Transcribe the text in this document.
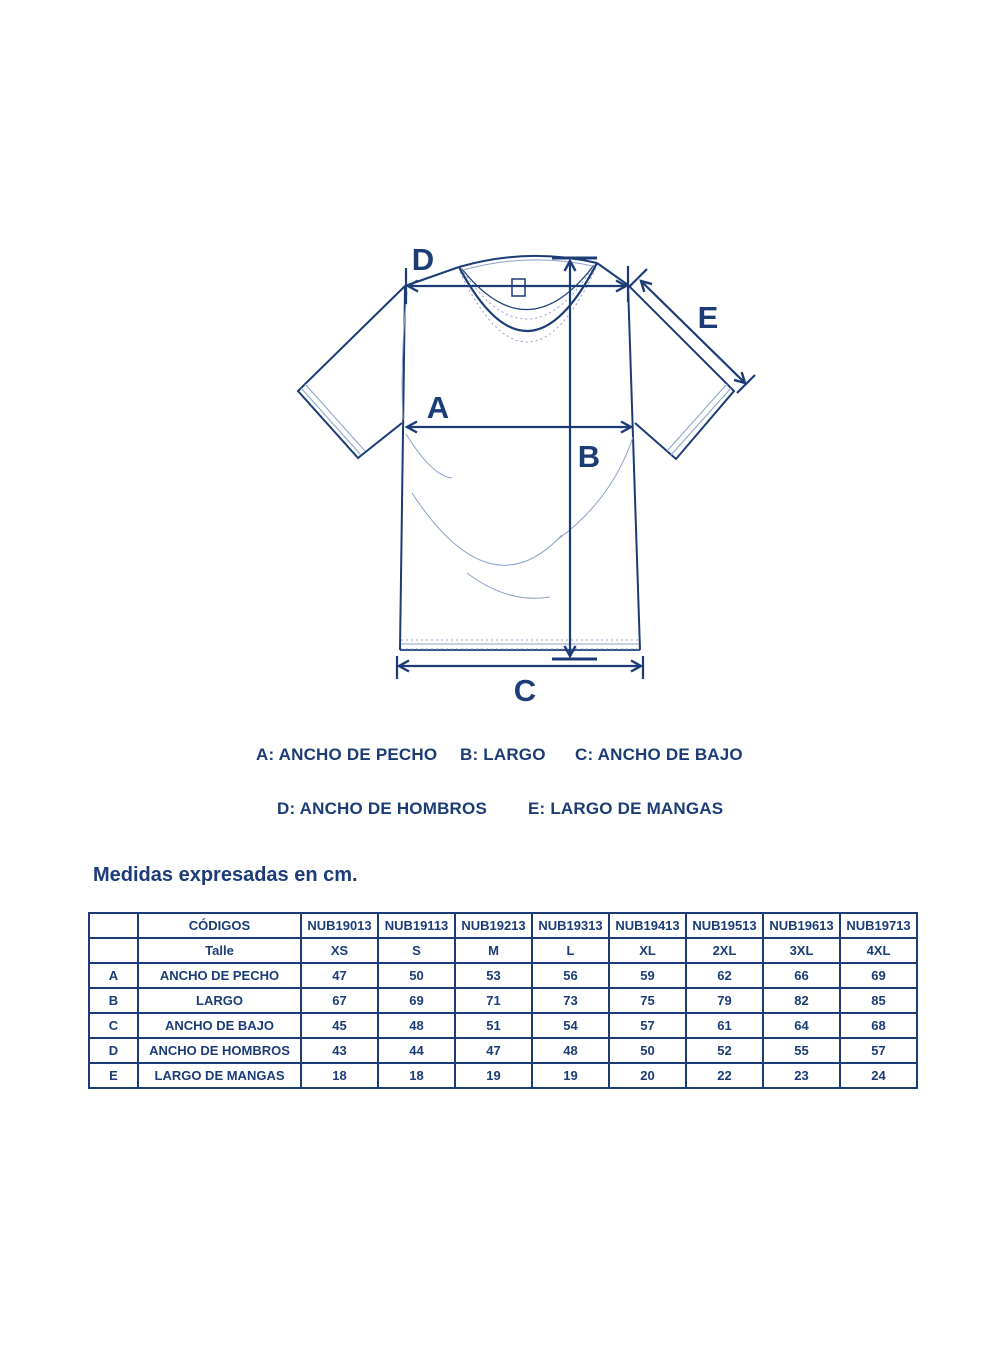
D
A
B
C
E
A: ANCHO DE PECHO B: LARGO C: ANCHO DE BAJO
D: ANCHO DE HOMBROS E: LARGO DE MANGAS
Medidas expresadas en cm.
	CÓDIGOS	NUB19013	NUB19113	NUB19213	NUB19313	NUB19413	NUB19513	NUB19613	NUB19713
	Talle	XS	S	M	L	XL	2XL	3XL	4XL
A	ANCHO DE PECHO	47	50	53	56	59	62	66	69
B	LARGO	67	69	71	73	75	79	82	85
C	ANCHO DE BAJO	45	48	51	54	57	61	64	68
D	ANCHO DE HOMBROS	43	44	47	48	50	52	55	57
E	LARGO DE MANGAS	18	18	19	19	20	22	23	24
